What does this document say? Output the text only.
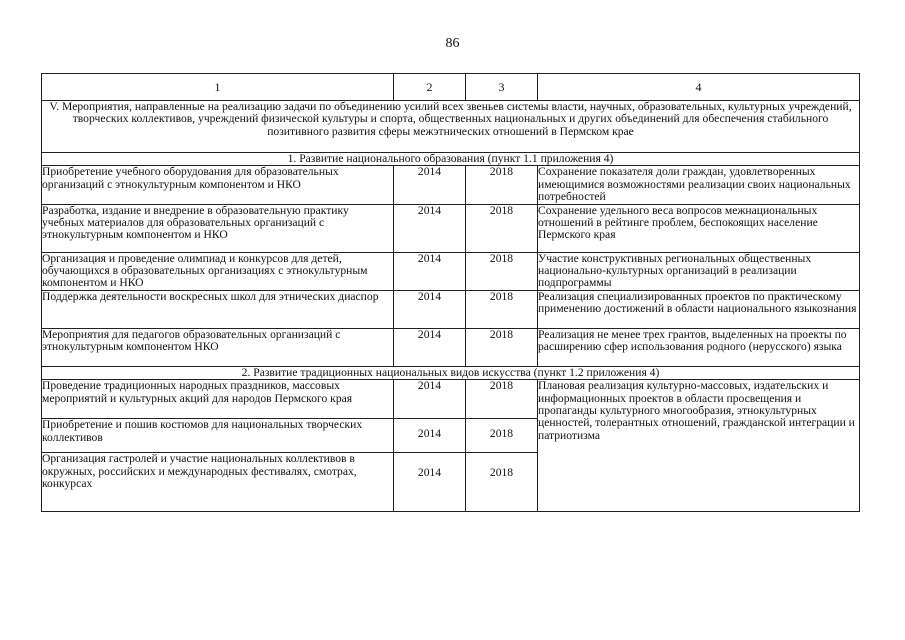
86
1	2	3	4
V. Мероприятия, направленные на реализацию задачи по объединению усилий всех звеньев системы власти, научных, образовательных, культурных учреждений, творческих коллективов, учреждений физической культуры и спорта, общественных национальных и других объединений для обеспечения стабильного позитивного развития сферы межэтнических отношений в Пермском крае			
1. Развитие национального образования (пункт 1.1 приложения 4)			
Приобретение учебного оборудования для образовательных организаций с этнокультурным компонентом и НКО	2014	2018	Сохранение показателя доли граждан, удовлетворенных имеющимися возможностями реализации своих национальных потребностей
Разработка, издание и внедрение в образовательную практику учебных материалов для образовательных организаций с этнокультурным компонентом и НКО	2014	2018	Сохранение удельного веса вопросов межнациональных отношений в рейтинге проблем, беспокоящих население Пермского края
Организация и проведение олимпиад и конкурсов для детей, обучающихся в образовательных организациях с этнокультурным компонентом и НКО	2014	2018	Участие конструктивных региональных общественных национально-культурных организаций в реализации подпрограммы
Поддержка деятельности воскресных школ для этнических диаспор	2014	2018	Реализация специализированных проектов по практическому применению достижений в области национального языкознания
Мероприятия для педагогов образовательных организаций с этнокультурным компонентом НКО	2014	2018	Реализация не менее трех грантов, выделенных на проекты по расширению сфер использования родного (нерусского) языка
2. Развитие традиционных национальных видов искусства (пункт 1.2 приложения 4)			
Проведение традиционных народных праздников, массовых мероприятий и культурных акций для народов Пермского края	2014	2018	Плановая реализация культурно-массовых, издательских и информационных проектов в области просвещения и пропаганды культурного многообразия, этнокультурных ценностей, толерантных отношений, гражданской интеграции и патриотизма
Приобретение и пошив костюмов для национальных творческих коллективов	2014	2018	
Организация гастролей и участие национальных коллективов в окружных, российских и международных фестивалях, смотрах, конкурсах	2014	2018	
